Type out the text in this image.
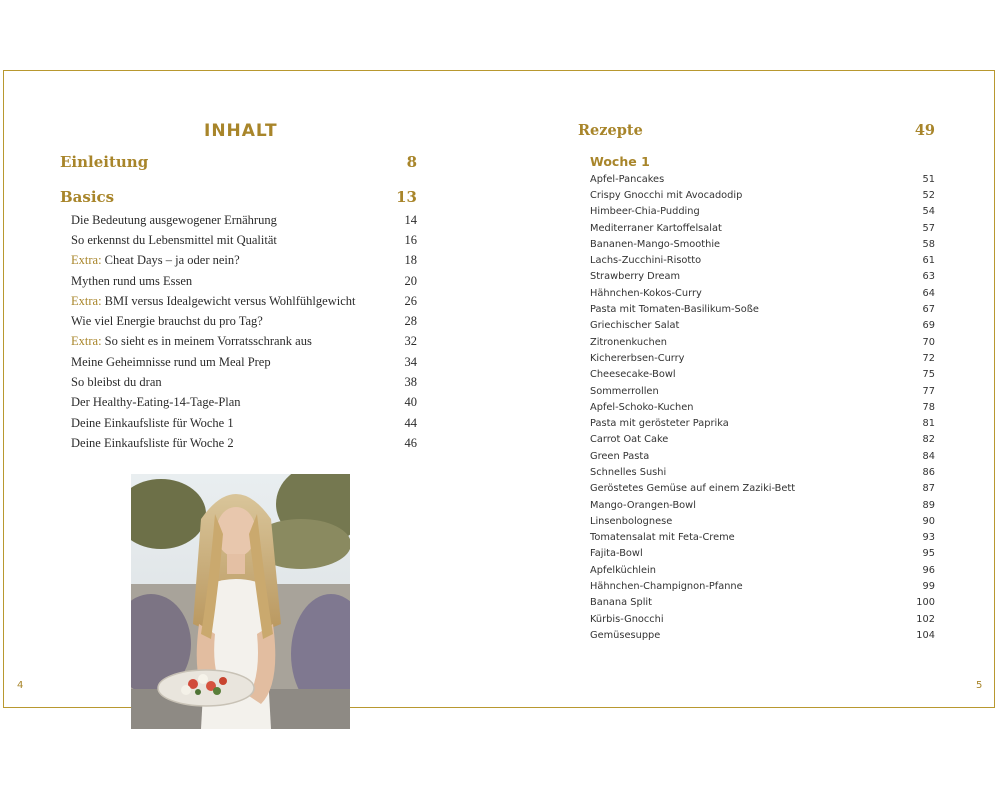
INHALT
Einleitung	8
Basics	13
Die Bedeutung ausgewogener Ernährung	14
So erkennst du Lebensmittel mit Qualität	16
Extra: Cheat Days – ja oder nein?	18
Mythen rund ums Essen	20
Extra: BMI versus Idealgewicht versus Wohlfühlgewicht	26
Wie viel Energie brauchst du pro Tag?	28
Extra: So sieht es in meinem Vorratsschrank aus	32
Meine Geheimnisse rund um Meal Prep	34
So bleibst du dran	38
Der Healthy-Eating-14-Tage-Plan	40
Deine Einkaufsliste für Woche 1	44
Deine Einkaufsliste für Woche 2	46
4
Rezepte	49
Woche 1
Apfel-Pancakes	51
Crispy Gnocchi mit Avocadodip	52
Himbeer-Chia-Pudding	54
Mediterraner Kartoffelsalat	57
Bananen-Mango-Smoothie	58
Lachs-Zucchini-Risotto	61
Strawberry Dream	63
Hähnchen-Kokos-Curry	64
Pasta mit Tomaten-Basilikum-Soße	67
Griechischer Salat	69
Zitronenkuchen	70
Kichererbsen-Curry	72
Cheesecake-Bowl	75
Sommerrollen	77
Apfel-Schoko-Kuchen	78
Pasta mit gerösteter Paprika	81
Carrot Oat Cake	82
Green Pasta	84
Schnelles Sushi	86
Geröstetes Gemüse auf einem Zaziki-Bett	87
Mango-Orangen-Bowl	89
Linsenbolognese	90
Tomatensalat mit Feta-Creme	93
Fajita-Bowl	95
Apfelküchlein	96
Hähnchen-Champignon-Pfanne	99
Banana Split	100
Kürbis-Gnocchi	102
Gemüsesuppe	104
5
